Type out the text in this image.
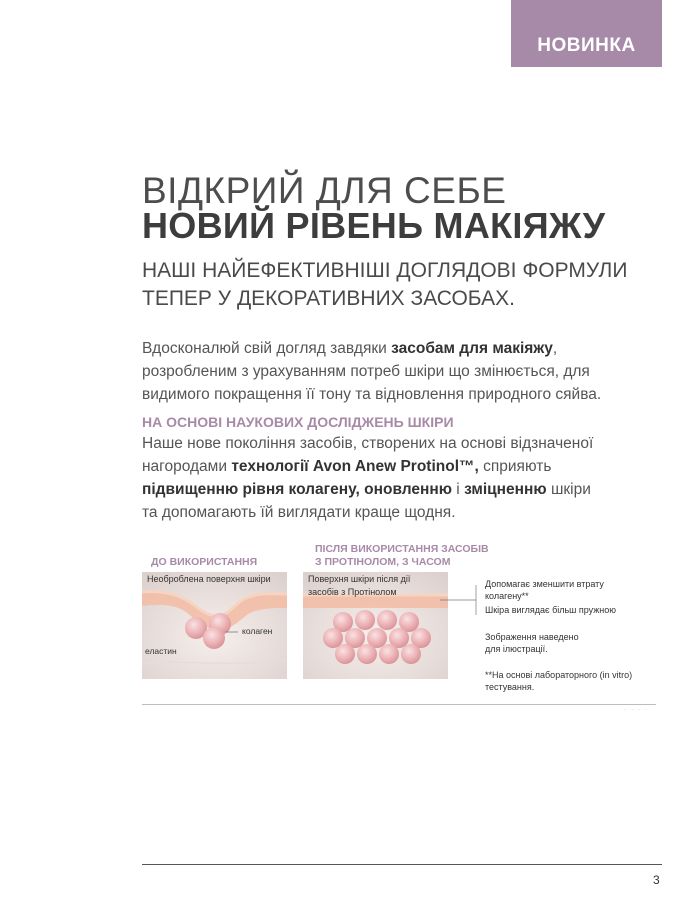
НОВИНКА
ВІДКРИЙ ДЛЯ СЕБЕ
НОВИЙ РІВЕНЬ МАКІЯЖУ
НАШІ НАЙЕФЕКТИВНІШІ ДОГЛЯДОВІ ФОРМУЛИ
ТЕПЕР У ДЕКОРАТИВНИХ ЗАСОБАХ.
Вдосконалюй свій догляд завдяки засобам для макіяжу,
розробленим з урахуванням потреб шкіри що змінюється, для
видимого покращення її тону та відновлення природного сяйва.
НА ОСНОВІ НАУКОВИХ ДОСЛІДЖЕНЬ ШКІРИ
Наше нове покоління засобів, створених на основі відзначеної
нагородами технології Avon Anew Protinol™, сприяють
підвищенню рівня колагену, оновленню і зміцненню шкіри
та допомагають їй виглядати краще щодня.
ДО ВИКОРИСТАННЯ
ПІСЛЯ ВИКОРИСТАННЯ ЗАСОБІВ
З ПРОТІНОЛОМ, З ЧАСОМ
Необроблена поверхня шкіри
колаген
еластин
Поверхня шкіри після дії
засобів з Протінолом
Допомагає зменшити втрату
колагену**
Шкіра виглядає більш пружною
Зображення наведено
для ілюстрації.
**На основі лабораторного (in vitro)
тестування.
· · · ·
3
